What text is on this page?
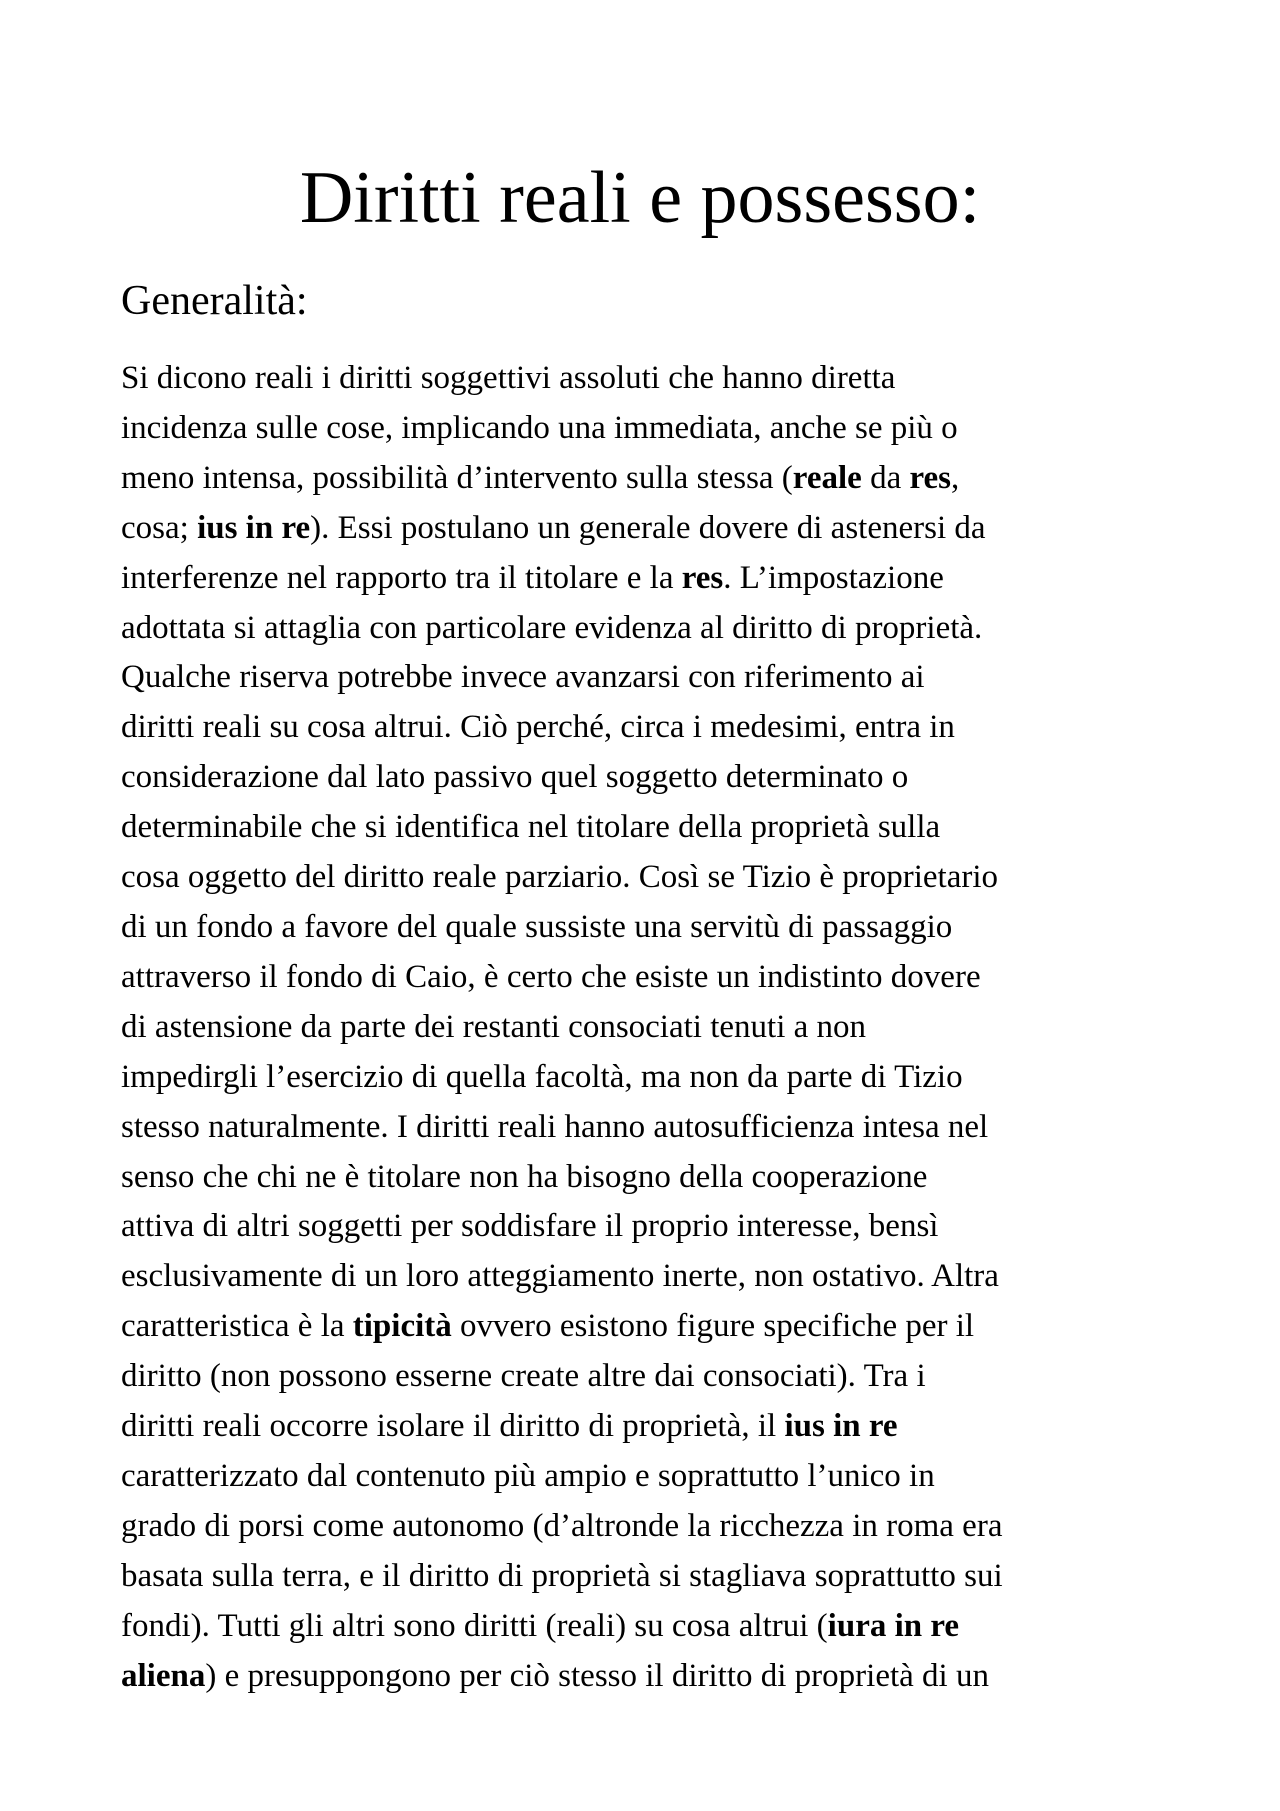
Diritti reali e possesso:
Generalità:
Si dicono reali i diritti soggettivi assoluti che hanno diretta
incidenza sulle cose, implicando una immediata, anche se più o
meno intensa, possibilità d’intervento sulla stessa (reale da res,
cosa; ius in re). Essi postulano un generale dovere di astenersi da
interferenze nel rapporto tra il titolare e la res. L’impostazione
adottata si attaglia con particolare evidenza al diritto di proprietà.
Qualche riserva potrebbe invece avanzarsi con riferimento ai
diritti reali su cosa altrui. Ciò perché, circa i medesimi, entra in
considerazione dal lato passivo quel soggetto determinato o
determinabile che si identifica nel titolare della proprietà sulla
cosa oggetto del diritto reale parziario. Così se Tizio è proprietario
di un fondo a favore del quale sussiste una servitù di passaggio
attraverso il fondo di Caio, è certo che esiste un indistinto dovere
di astensione da parte dei restanti consociati tenuti a non
impedirgli l’esercizio di quella facoltà, ma non da parte di Tizio
stesso naturalmente. I diritti reali hanno autosufficienza intesa nel
senso che chi ne è titolare non ha bisogno della cooperazione
attiva di altri soggetti per soddisfare il proprio interesse, bensì
esclusivamente di un loro atteggiamento inerte, non ostativo. Altra
caratteristica è la tipicità ovvero esistono figure specifiche per il
diritto (non possono esserne create altre dai consociati). Tra i
diritti reali occorre isolare il diritto di proprietà, il ius in re
caratterizzato dal contenuto più ampio e soprattutto l’unico in
grado di porsi come autonomo (d’altronde la ricchezza in roma era
basata sulla terra, e il diritto di proprietà si stagliava soprattutto sui
fondi). Tutti gli altri sono diritti (reali) su cosa altrui (iura in re
aliena) e presuppongono per ciò stesso il diritto di proprietà di un
